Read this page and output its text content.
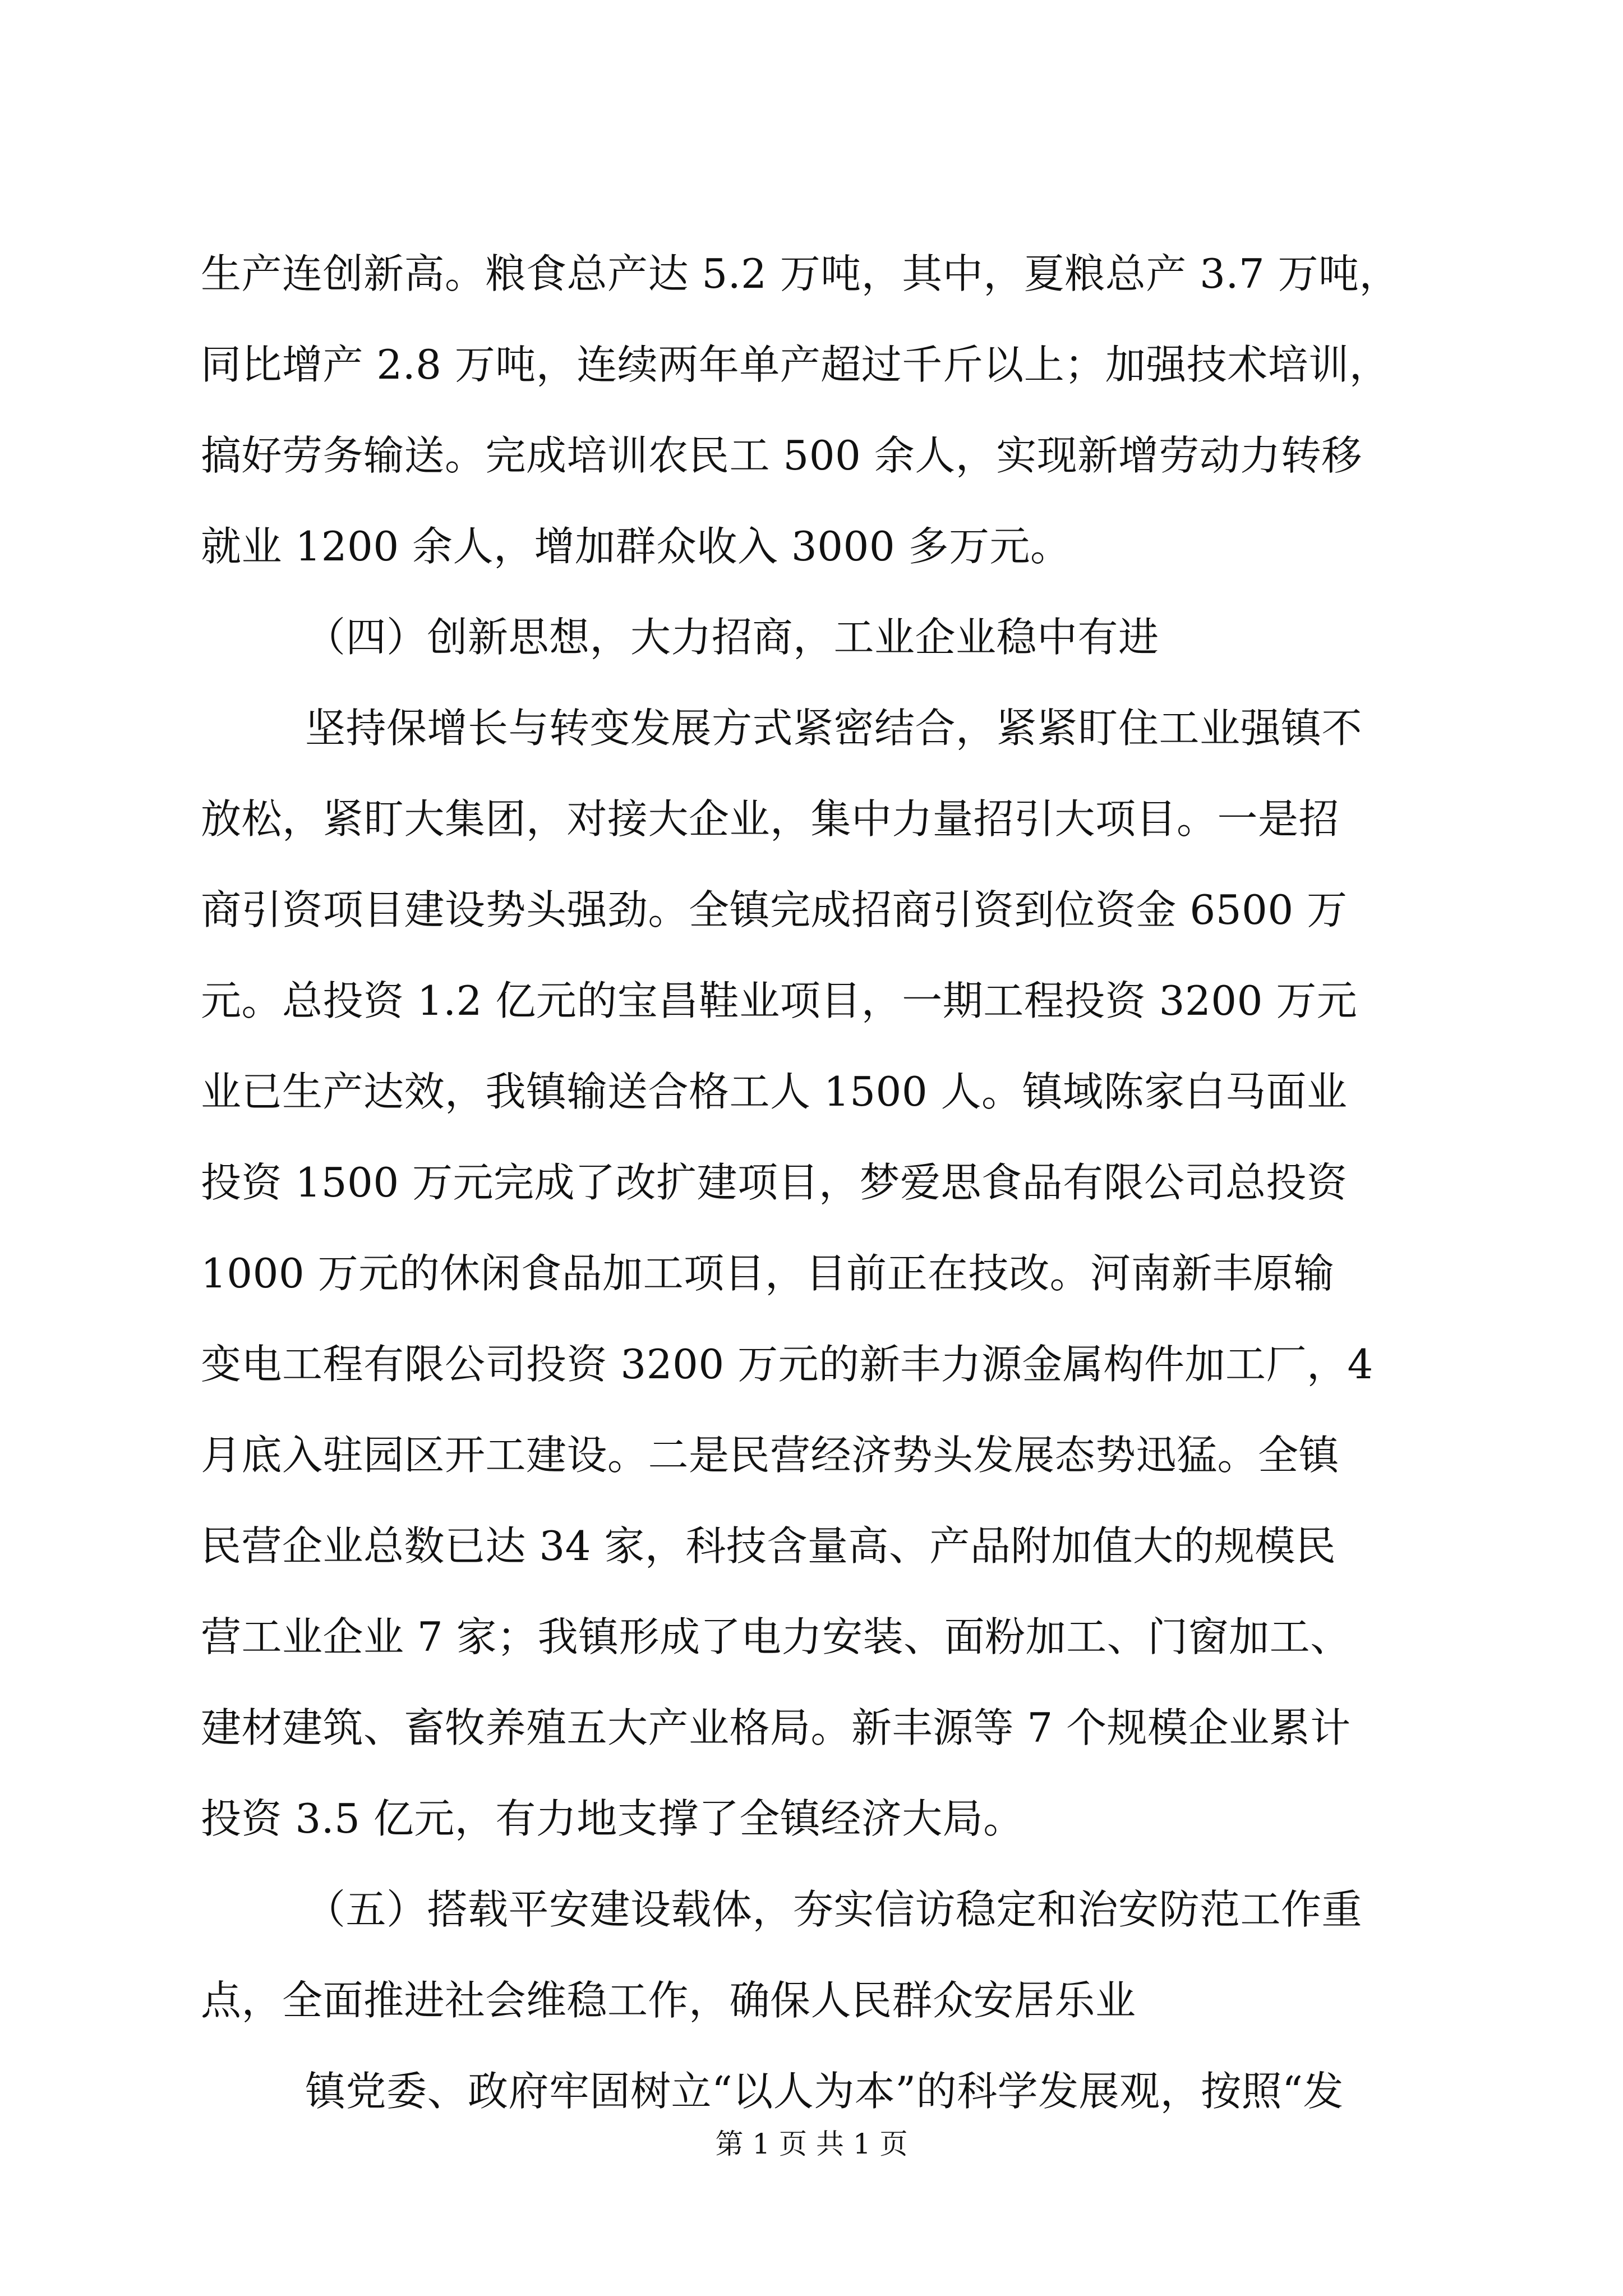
生产连创新高。粮食总产达 5.2 万吨，其中，夏粮总产 3.7 万吨，
同比增产 2.8 万吨，连续两年单产超过千斤以上；加强技术培训，
搞好劳务输送。完成培训农民工 500 余人，实现新增劳动力转移
就业 1200 余人，增加群众收入 3000 多万元。
（四）创新思想，大力招商，工业企业稳中有进
坚持保增长与转变发展方式紧密结合，紧紧盯住工业强镇不
放松，紧盯大集团，对接大企业，集中力量招引大项目。一是招
商引资项目建设势头强劲。全镇完成招商引资到位资金 6500 万
元。总投资 1.2 亿元的宝昌鞋业项目，一期工程投资 3200 万元
业已生产达效，我镇输送合格工人 1500 人。镇域陈家白马面业
投资 1500 万元完成了改扩建项目，梦爱思食品有限公司总投资
1000 万元的休闲食品加工项目，目前正在技改。河南新丰原输
变电工程有限公司投资 3200 万元的新丰力源金属构件加工厂，4
月底入驻园区开工建设。二是民营经济势头发展态势迅猛。全镇
民营企业总数已达 34 家，科技含量高、产品附加值大的规模民
营工业企业 7 家；我镇形成了电力安装、面粉加工、门窗加工、
建材建筑、畜牧养殖五大产业格局。新丰源等 7 个规模企业累计
投资 3.5 亿元，有力地支撑了全镇经济大局。
（五）搭载平安建设载体，夯实信访稳定和治安防范工作重
点，全面推进社会维稳工作，确保人民群众安居乐业
镇党委、政府牢固树立“以人为本”的科学发展观，按照“发
第 1 页 共 1 页
